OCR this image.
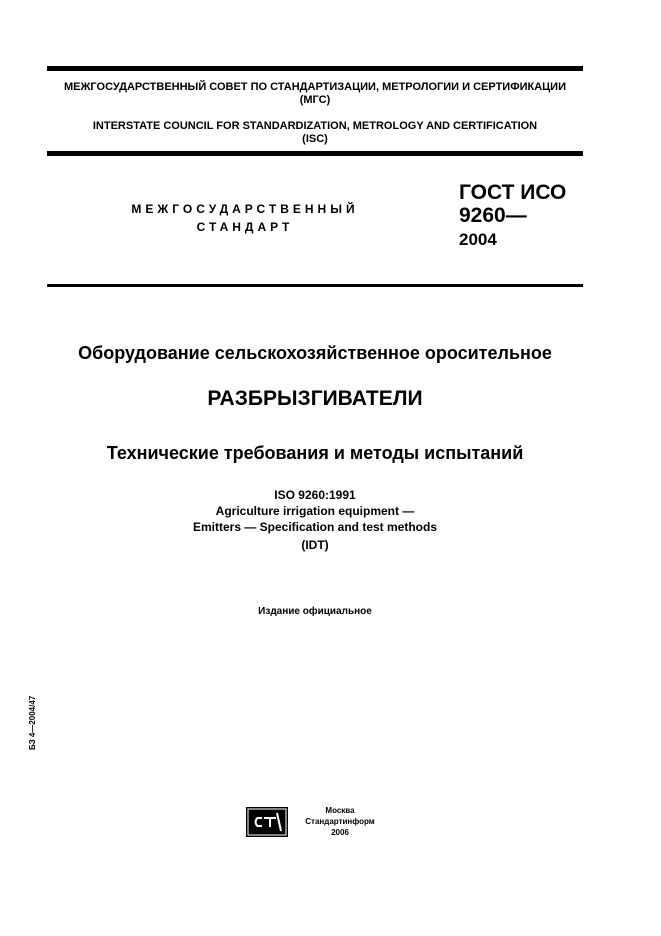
МЕЖГОСУДАРСТВЕННЫЙ СОВЕТ ПО СТАНДАРТИЗАЦИИ, МЕТРОЛОГИИ И СЕРТИФИКАЦИИ
(МГС)
INTERSTATE COUNCIL FOR STANDARDIZATION, METROLOGY AND CERTIFICATION
(ISC)
МЕЖГОСУДАРСТВЕННЫЙ
СТАНДАРТ
ГОСТ ИСО
9260—
2004
Оборудование сельскохозяйственное оросительное
РАЗБРЫЗГИВАТЕЛИ
Технические требования и методы испытаний
ISO 9260:1991
Agriculture irrigation equipment —
Emitters — Specification and test methods
(IDT)
Издание официальное
БЗ 4—2004/47
Москва
Стандартинформ
2006
